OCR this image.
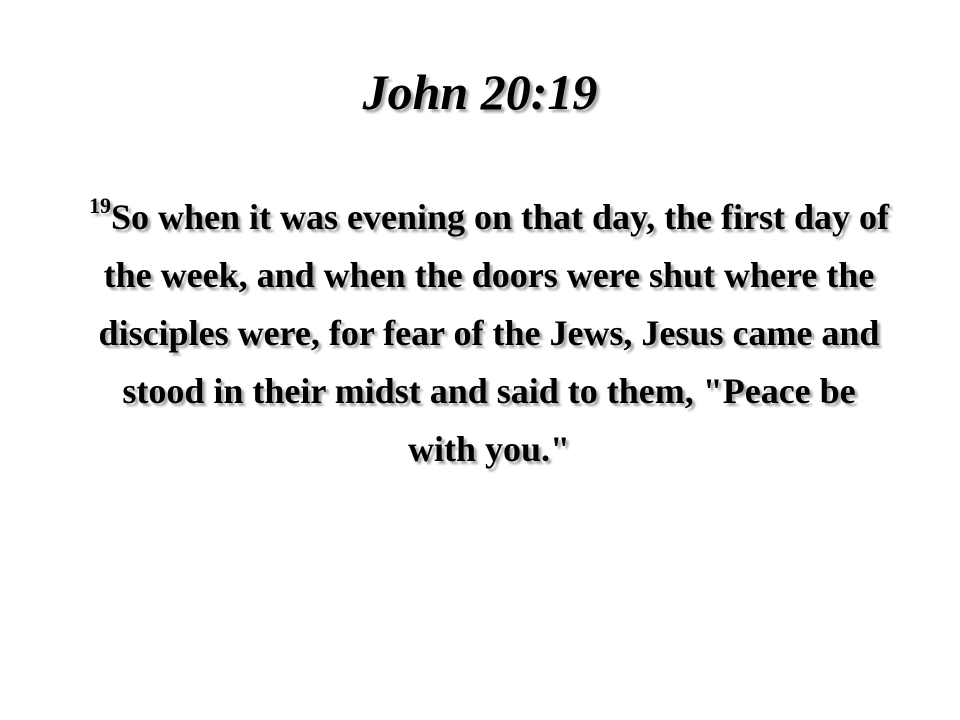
John 20:19
$^{19}$So when it was evening on that day, the first day of the week, and when the doors were shut where the disciples were, for fear of the Jews, Jesus came and stood in their midst and said to them, "Peace be with you."
